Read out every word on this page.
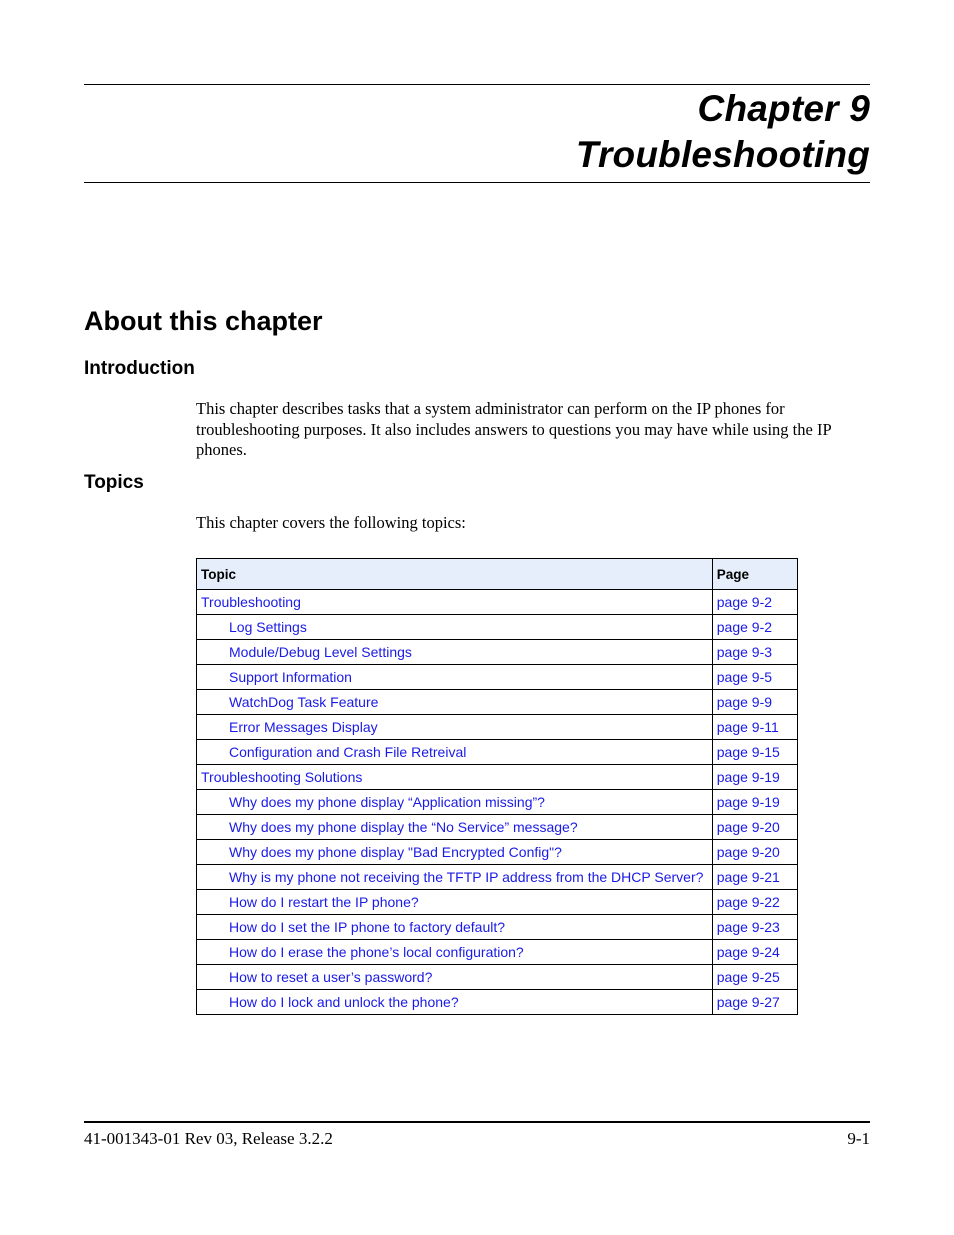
Chapter 9
Troubleshooting
About this chapter
Introduction

This chapter describes tasks that a system administrator can perform on the IP phones for troubleshooting purposes. It also includes answers to questions you may have while using the IP phones.

Topics

This chapter covers the following topics:

Topic	Page
Troubleshooting	page 9-2
Log Settings	page 9-2
Module/Debug Level Settings	page 9-3
Support Information	page 9-5
WatchDog Task Feature	page 9-9
Error Messages Display	page 9-11
Configuration and Crash File Retreival	page 9-15
Troubleshooting Solutions	page 9-19
Why does my phone display “Application missing”?	page 9-19
Why does my phone display the “No Service” message?	page 9-20
Why does my phone display "Bad Encrypted Config"?	page 9-20
Why is my phone not receiving the TFTP IP address from the DHCP Server?	page 9-21
How do I restart the IP phone?	page 9-22
How do I set the IP phone to factory default?	page 9-23
How do I erase the phone’s local configuration?	page 9-24
How to reset a user’s password?	page 9-25
How do I lock and unlock the phone?	page 9-27
41-001343-01 Rev 03, Release 3.2.2	9-1
